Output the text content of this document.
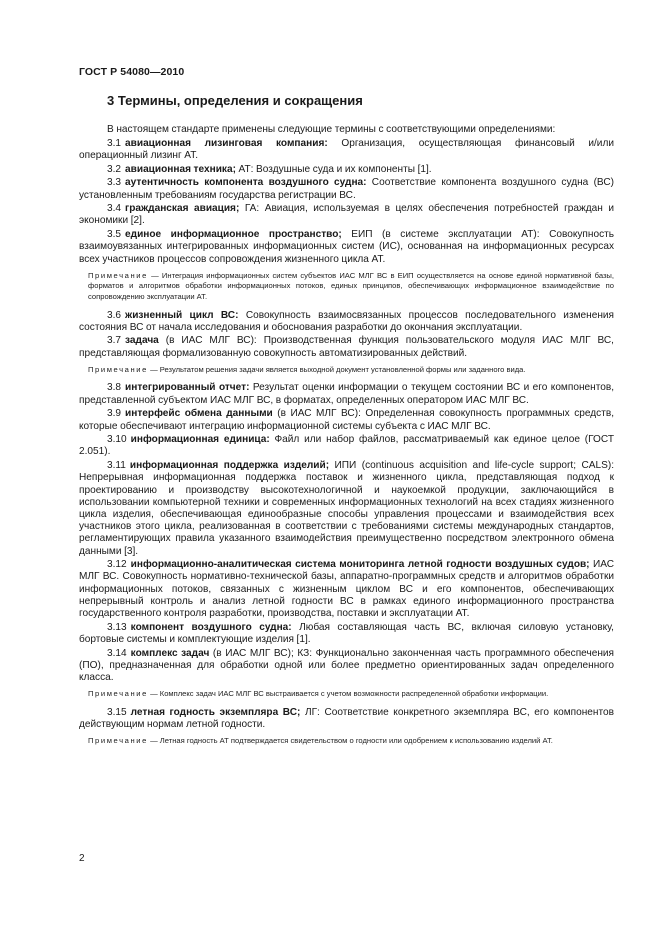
ГОСТ Р 54080—2010
3 Термины, определения и сокращения

В настоящем стандарте применены следующие термины с соответствующими определениями:

3.1 авиационная лизинговая компания: Организация, осуществляющая финансовый и/или операционный лизинг АТ.

3.2 авиационная техника; АТ: Воздушные суда и их компоненты [1].

3.3 аутентичность компонента воздушного судна: Соответствие компонента воздушного судна (ВС) установленным требованиям государства регистрации ВС.

3.4 гражданская авиация; ГА: Авиация, используемая в целях обеспечения потребностей граждан и экономики [2].

3.5 единое информационное пространство; ЕИП (в системе эксплуатации АТ): Совокупность взаимоувязанных интегрированных информационных систем (ИС), основанная на информационных ресурсах всех участников процессов сопровождения жизненного цикла АТ.

Примечание — Интеграция информационных систем субъектов ИАС МЛГ ВС в ЕИП осуществляется на основе единой нормативной базы, форматов и алгоритмов обработки информационных потоков, единых принципов, обеспечивающих информационное взаимодействие по сопровождению эксплуатации АТ.

3.6 жизненный цикл ВС: Совокупность взаимосвязанных процессов последовательного изменения состояния ВС от начала исследования и обоснования разработки до окончания эксплуатации.

3.7 задача (в ИАС МЛГ ВС): Производственная функция пользовательского модуля ИАС МЛГ ВС, представляющая формализованную совокупность автоматизированных действий.

Примечание — Результатом решения задачи является выходной документ установленной формы или заданного вида.

3.8 интегрированный отчет: Результат оценки информации о текущем состоянии ВС и его компонентов, представленной субъектом ИАС МЛГ ВС, в форматах, определенных оператором ИАС МЛГ ВС.

3.9 интерфейс обмена данными (в ИАС МЛГ ВС): Определенная совокупность программных средств, которые обеспечивают интеграцию информационной системы субъекта с ИАС МЛГ ВС.

3.10 информационная единица: Файл или набор файлов, рассматриваемый как единое целое (ГОСТ 2.051).

3.11 информационная поддержка изделий; ИПИ (continuous acquisition and life-cycle support; CALS): Непрерывная информационная поддержка поставок и жизненного цикла, представляющая подход к проектированию и производству высокотехнологичной и наукоемкой продукции, заключающийся в использовании компьютерной техники и современных информационных технологий на всех стадиях жизненного цикла изделия, обеспечивающая единообразные способы управления процессами и взаимодействия всех участников этого цикла, реализованная в соответствии с требованиями системы международных стандартов, регламентирующих правила указанного взаимодействия преимущественно посредством электронного обмена данными [3].

3.12 информационно-аналитическая система мониторинга летной годности воздушных судов; ИАС МЛГ ВС. Совокупность нормативно-технической базы, аппаратно-программных средств и алгоритмов обработки информационных потоков, связанных с жизненным циклом ВС и его компонентов, обеспечивающих непрерывный контроль и анализ летной годности ВС в рамках единого информационного пространства государственного контроля разработки, производства, поставки и эксплуатации АТ.

3.13 компонент воздушного судна: Любая составляющая часть ВС, включая силовую установку, бортовые системы и комплектующие изделия [1].

3.14 комплекс задач (в ИАС МЛГ ВС); КЗ: Функционально законченная часть программного обеспечения (ПО), предназначенная для обработки одной или более предметно ориентированных задач определенного класса.

Примечание — Комплекс задач ИАС МЛГ ВС выстраивается с учетом возможности распределенной обработки информации.

3.15 летная годность экземпляра ВС; ЛГ: Соответствие конкретного экземпляра ВС, его компонентов действующим нормам летной годности.

Примечание — Летная годность АТ подтверждается свидетельством о годности или одобрением к использованию изделий АТ.

2
